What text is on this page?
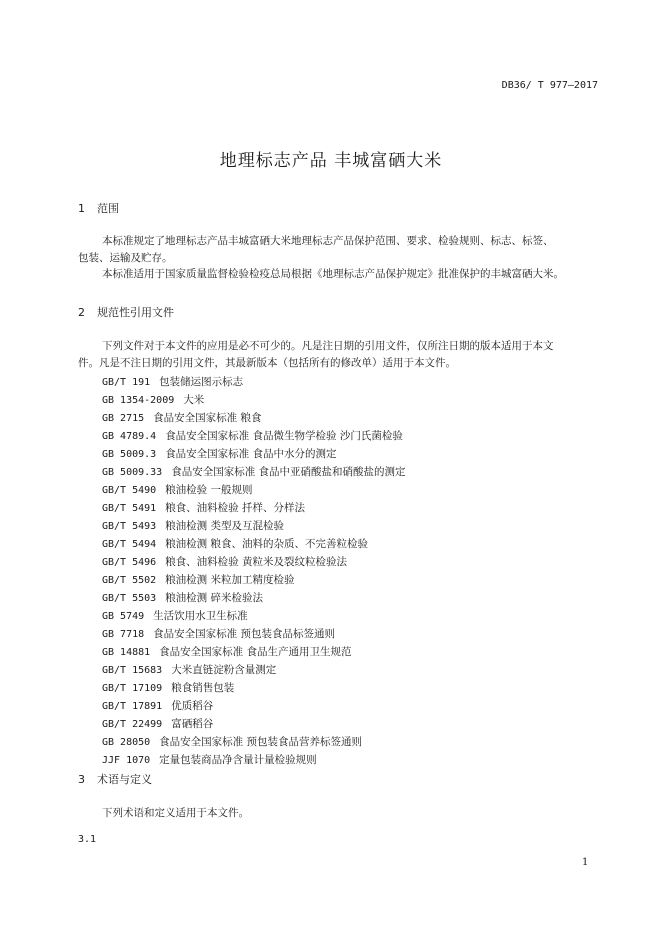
DB36/ T 977—2017
地理标志产品 丰城富硒大米
1 范围
本标准规定了地理标志产品丰城富硒大米地理标志产品保护范围、要求、检验规则、标志、标签、
包装、运输及贮存。
本标准适用于国家质量监督检验检疫总局根据《地理标志产品保护规定》批准保护的丰城富硒大米。
2 规范性引用文件
下列文件对于本文件的应用是必不可少的。凡是注日期的引用文件，仅所注日期的版本适用于本文
件。凡是不注日期的引用文件，其最新版本（包括所有的修改单）适用于本文件。
GB/T 191 包装储运图示标志
GB 1354-2009 大米
GB 2715 食品安全国家标准 粮食
GB 4789.4 食品安全国家标准 食品微生物学检验 沙门氏菌检验
GB 5009.3 食品安全国家标准 食品中水分的测定
GB 5009.33 食品安全国家标准 食品中亚硝酸盐和硝酸盐的测定
GB/T 5490 粮油检验 一般规则
GB/T 5491 粮食、油料检验 扦样、分样法
GB/T 5493 粮油检测 类型及互混检验
GB/T 5494 粮油检测 粮食、油料的杂质、不完善粒检验
GB/T 5496 粮食、油料检验 黄粒米及裂纹粒检验法
GB/T 5502 粮油检测 米粒加工精度检验
GB/T 5503 粮油检测 碎米检验法
GB 5749 生活饮用水卫生标准
GB 7718 食品安全国家标准 预包装食品标签通则
GB 14881 食品安全国家标准 食品生产通用卫生规范
GB/T 15683 大米直链淀粉含量测定
GB/T 17109 粮食销售包装
GB/T 17891 优质稻谷
GB/T 22499 富硒稻谷
GB 28050 食品安全国家标准 预包装食品营养标签通则
JJF 1070 定量包装商品净含量计量检验规则
3 术语与定义
下列术语和定义适用于本文件。
3.1
1
